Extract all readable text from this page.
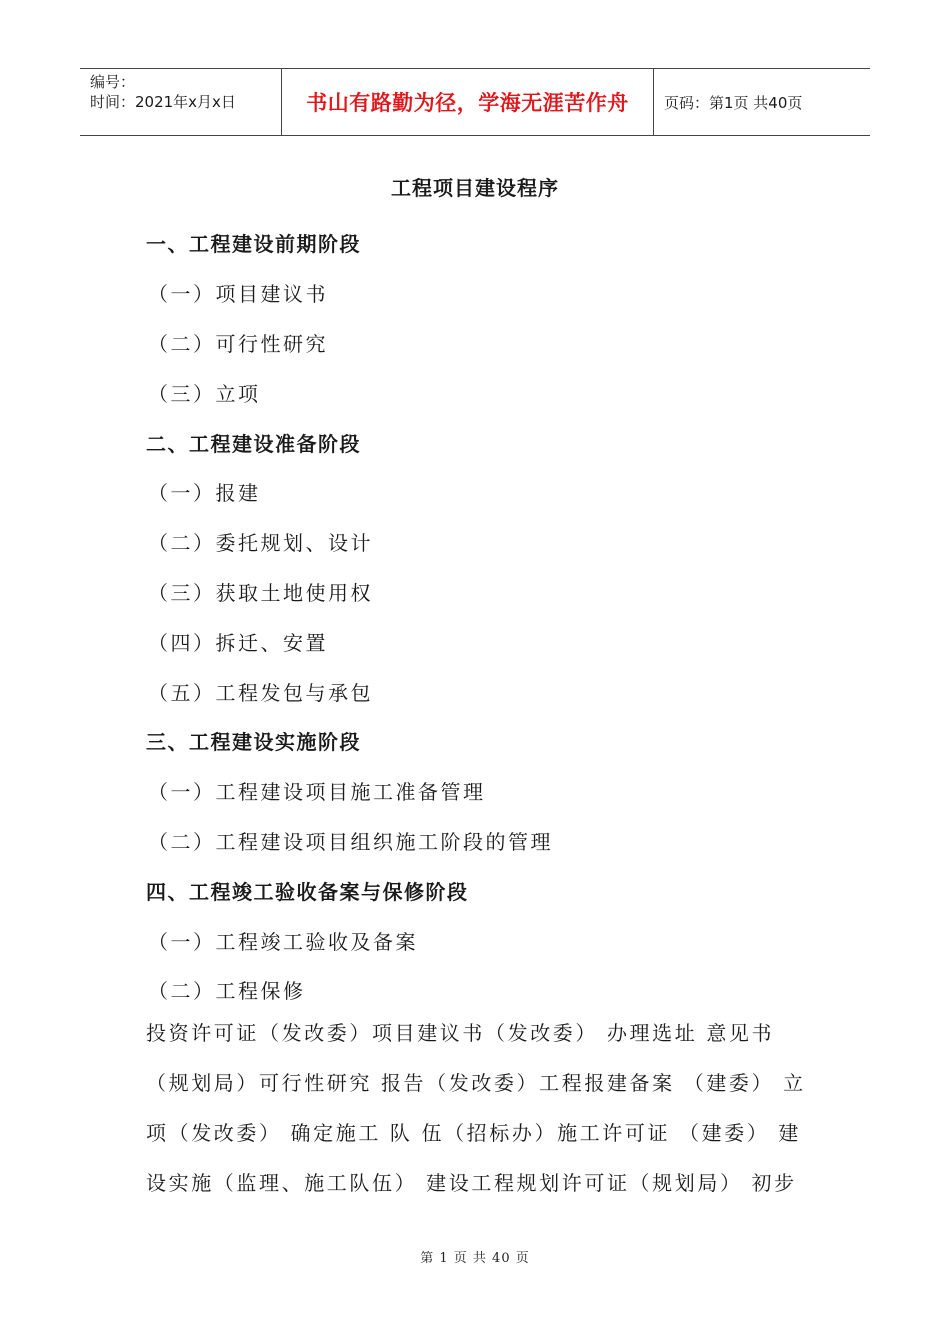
编号：
时间：2021年x月x日	书山有路勤为径，学海无涯苦作舟 页码：第1页 共40页
工程项目建设程序
一、工程建设前期阶段
（一）项目建议书
（二）可行性研究
（三）立项
二、工程建设准备阶段
（一）报建
（二）委托规划、设计
（三）获取土地使用权
（四）拆迁、安置
（五）工程发包与承包
三、工程建设实施阶段
（一）工程建设项目施工准备管理
（二）工程建设项目组织施工阶段的管理
四、工程竣工验收备案与保修阶段
（一）工程竣工验收及备案
（二）工程保修
投资许可证（发改委）项目建议书（发改委） 办理选址 意见书
（规划局）可行性研究 报告（发改委）工程报建备案 （建委） 立
项（发改委） 确定施工 队 伍（招标办）施工许可证 （建委） 建
设实施（监理、施工队伍） 建设工程规划许可证（规划局） 初步
第 1 页 共 40 页
